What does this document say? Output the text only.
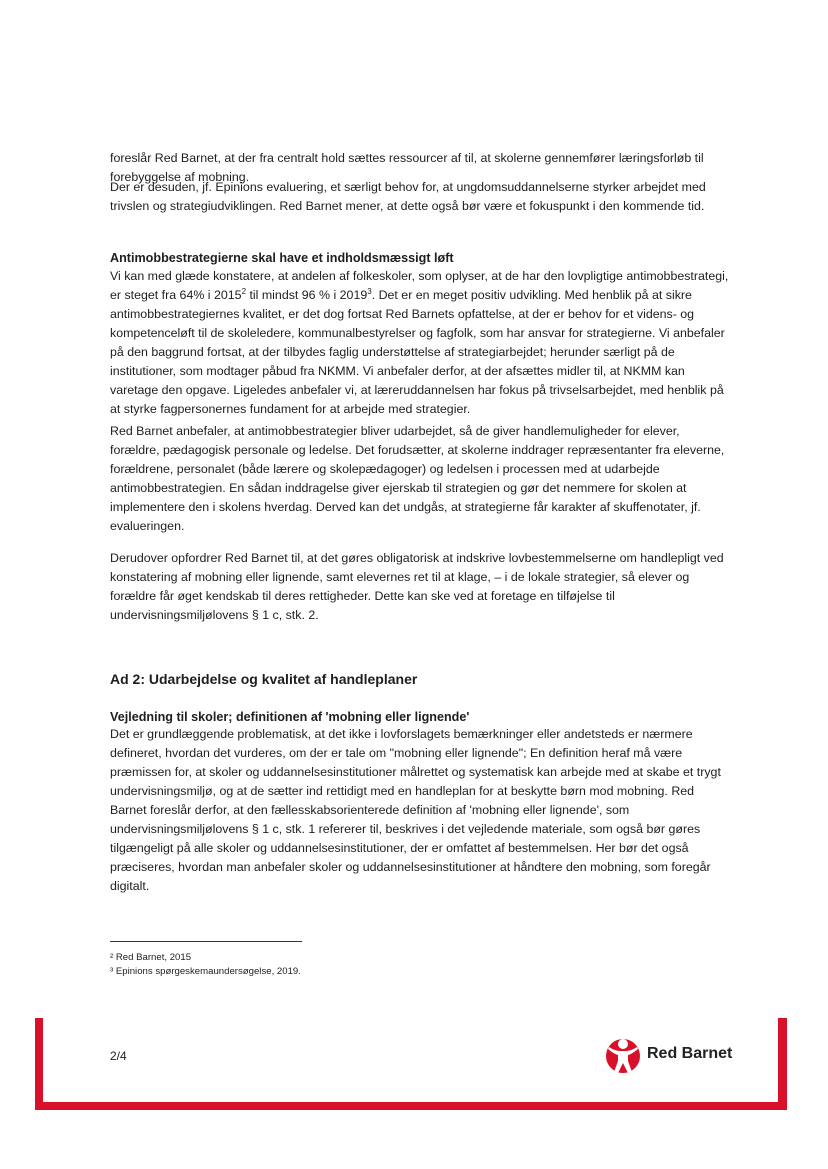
foreslår Red Barnet, at der fra centralt hold sættes ressourcer af til, at skolerne gennemfører læringsforløb til forebyggelse af mobning.

Der er desuden, jf. Epinions evaluering, et særligt behov for, at ungdomsuddannelserne styrker arbejdet med trivslen og strategiudviklingen. Red Barnet mener, at dette også bør være et fokuspunkt i den kommende tid.

Antimobbestrategierne skal have et indholdsmæssigt løft

Vi kan med glæde konstatere, at andelen af folkeskoler, som oplyser, at de har den lovpligtige antimobbestrategi, er steget fra 64% i 2015$^2$ til mindst 96 % i 2019$^3$. Det er en meget positiv udvikling. Med henblik på at sikre antimobbestrategiernes kvalitet, er det dog fortsat Red Barnets opfattelse, at der er behov for et videns- og kompetenceløft til de skoleledere, kommunalbestyrelser og fagfolk, som har ansvar for strategierne. Vi anbefaler på den baggrund fortsat, at der tilbydes faglig understøttelse af strategiarbejdet; herunder særligt på de institutioner, som modtager påbud fra NKMM. Vi anbefaler derfor, at der afsættes midler til, at NKMM kan varetage den opgave. Ligeledes anbefaler vi, at læreruddannelsen har fokus på trivselsarbejdet, med henblik på at styrke fagpersonernes fundament for at arbejde med strategier.

Red Barnet anbefaler, at antimobbestrategier bliver udarbejdet, så de giver handlemuligheder for elever, forældre, pædagogisk personale og ledelse. Det forudsætter, at skolerne inddrager repræsentanter fra eleverne, forældrene, personalet (både lærere og skolepædagoger) og ledelsen i processen med at udarbejde antimobbestrategien. En sådan inddragelse giver ejerskab til strategien og gør det nemmere for skolen at implementere den i skolens hverdag. Derved kan det undgås, at strategierne får karakter af skuffenotater, jf. evalueringen.

Derudover opfordrer Red Barnet til, at det gøres obligatorisk at indskrive lovbestemmelserne om handlepligt ved konstatering af mobning eller lignende, samt elevernes ret til at klage, – i de lokale strategier, så elever og forældre får øget kendskab til deres rettigheder. Dette kan ske ved at foretage en tilføjelse til undervisningsmiljølovens § 1 c, stk. 2.

Ad 2: Udarbejdelse og kvalitet af handleplaner

Vejledning til skoler; definitionen af 'mobning eller lignende'

Det er grundlæggende problematisk, at det ikke i lovforslagets bemærkninger eller andetsteds er nærmere defineret, hvordan det vurderes, om der er tale om "mobning eller lignende"; En definition heraf må være præmissen for, at skoler og uddannelsesinstitutioner målrettet og systematisk kan arbejde med at skabe et trygt undervisningsmiljø, og at de sætter ind rettidigt med en handleplan for at beskytte børn mod mobning. Red Barnet foreslår derfor, at den fællesskabsorienterede definition af 'mobning eller lignende', som undervisningsmiljølovens § 1 c, stk. 1 refererer til, beskrives i det vejledende materiale, som også bør gøres tilgængeligt på alle skoler og uddannelsesinstitutioner, der er omfattet af bestemmelsen. Her bør det også præciseres, hvordan man anbefaler skoler og uddannelsesinstitutioner at håndtere den mobning, som foregår digitalt.

² Red Barnet, 2015

³ Epinions spørgeskemaundersøgelse, 2019.

2/4	Red Barnet
